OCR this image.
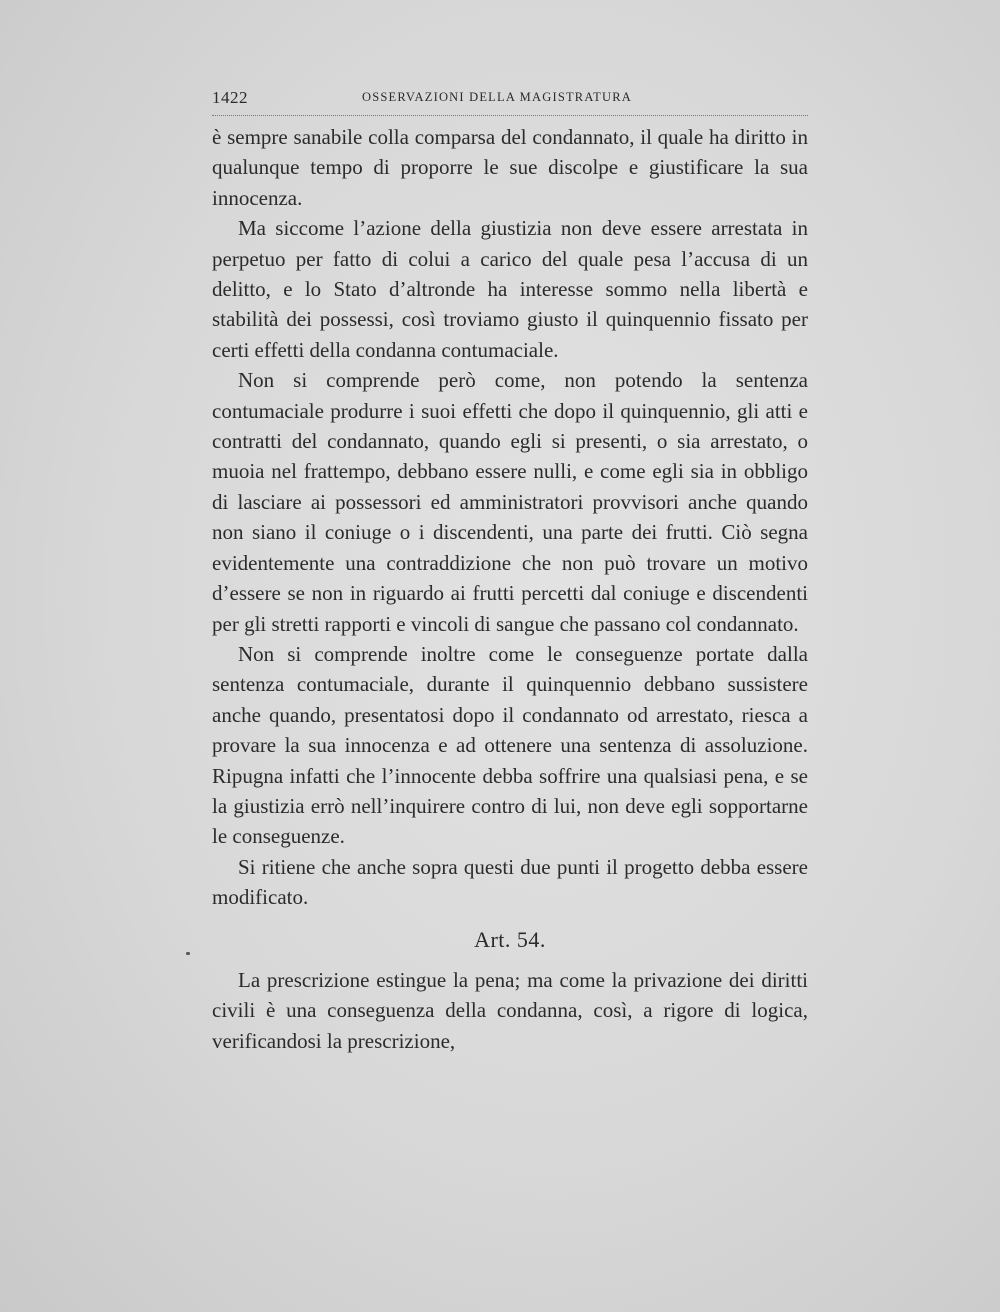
1422	OSSERVAZIONI DELLA MAGISTRATURA

è sempre sanabile colla comparsa del condannato, il quale ha diritto in qualunque tempo di proporre le sue discolpe e giustificare la sua innocenza.

Ma siccome l’azione della giustizia non deve essere arrestata in perpetuo per fatto di colui a carico del quale pesa l’accusa di un delitto, e lo Stato d’altronde ha interesse sommo nella libertà e stabilità dei possessi, così troviamo giusto il quinquennio fissato per certi effetti della condanna contumaciale.

Non si comprende però come, non potendo la sentenza contumaciale produrre i suoi effetti che dopo il quinquennio, gli atti e contratti del condannato, quando egli si presenti, o sia arrestato, o muoia nel frattempo, debbano essere nulli, e come egli sia in obbligo di lasciare ai possessori ed amministratori provvisori anche quando non siano il coniuge o i discendenti, una parte dei frutti. Ciò segna evidentemente una contraddizione che non può trovare un motivo d’essere se non in riguardo ai frutti percetti dal coniuge e discendenti per gli stretti rapporti e vincoli di sangue che passano col condannato.

Non si comprende inoltre come le conseguenze portate dalla sentenza contumaciale, durante il quinquennio debbano sussistere anche quando, presentatosi dopo il condannato od arrestato, riesca a provare la sua innocenza e ad ottenere una sentenza di assoluzione. Ripugna infatti che l’innocente debba soffrire una qualsiasi pena, e se la giustizia errò nell’inquirere contro di lui, non deve egli sopportarne le conseguenze.

Si ritiene che anche sopra questi due punti il progetto debba essere modificato.

Art. 54.

La prescrizione estingue la pena; ma come la privazione dei diritti civili è una conseguenza della condanna, così, a rigore di logica, verificandosi la prescrizione,
